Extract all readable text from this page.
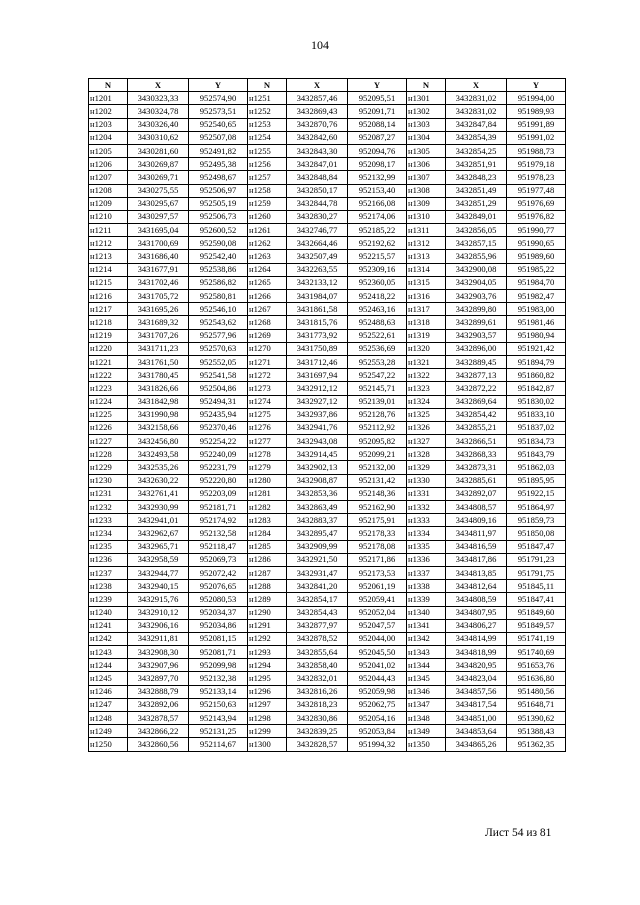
104
N	X	Y	N	X	Y	N	X	Y
н1201	3430323,33	952574,90	н1251	3432857,46	952095,51	н1301	3432831,02	951994,00
н1202	3430324,78	952573,51	н1252	3432869,43	952091,71	н1302	3432831,02	951989,93
н1203	3430326,40	952540,65	н1253	3432870,76	952088,14	н1303	3432847,84	951991,89
н1204	3430310,62	952507,08	н1254	3432842,60	952087,27	н1304	3432854,39	951991,02
н1205	3430281,60	952491,82	н1255	3432843,30	952094,76	н1305	3432854,25	951988,73
н1206	3430269,87	952495,38	н1256	3432847,01	952098,17	н1306	3432851,91	951979,18
н1207	3430269,71	952498,67	н1257	3432848,84	952132,99	н1307	3432848,23	951978,23
н1208	3430275,55	952506,97	н1258	3432850,17	952153,40	н1308	3432851,49	951977,48
н1209	3430295,67	952505,19	н1259	3432844,78	952166,08	н1309	3432851,29	951976,69
н1210	3430297,57	952506,73	н1260	3432830,27	952174,06	н1310	3432849,01	951976,82
н1211	3431695,04	952600,52	н1261	3432746,77	952185,22	н1311	3432856,05	951990,77
н1212	3431700,69	952590,08	н1262	3432664,46	952192,62	н1312	3432857,15	951990,65
н1213	3431686,40	952542,40	н1263	3432507,49	952215,57	н1313	3432855,96	951989,60
н1214	3431677,91	952538,86	н1264	3432263,55	952309,16	н1314	3432900,08	951985,22
н1215	3431702,46	952586,82	н1265	3432133,12	952360,05	н1315	3432904,05	951984,70
н1216	3431705,72	952580,81	н1266	3431984,07	952418,22	н1316	3432903,76	951982,47
н1217	3431695,26	952546,10	н1267	3431861,58	952463,16	н1317	3432899,80	951983,00
н1218	3431689,32	952543,62	н1268	3431815,76	952488,63	н1318	3432899,61	951981,46
н1219	3431707,26	952577,96	н1269	3431773,92	952522,61	н1319	3432903,57	951980,94
н1220	3431711,23	952570,63	н1270	3431750,89	952536,69	н1320	3432896,00	951921,42
н1221	3431761,50	952552,05	н1271	3431712,46	952553,28	н1321	3432889,45	951894,79
н1222	3431780,45	952541,58	н1272	3431697,94	952547,22	н1322	3432877,13	951860,82
н1223	3431826,66	952504,86	н1273	3432912,12	952145,71	н1323	3432872,22	951842,87
н1224	3431842,98	952494,31	н1274	3432927,12	952139,01	н1324	3432869,64	951830,02
н1225	3431990,98	952435,94	н1275	3432937,86	952128,76	н1325	3432854,42	951833,10
н1226	3432158,66	952370,46	н1276	3432941,76	952112,92	н1326	3432855,21	951837,02
н1227	3432456,80	952254,22	н1277	3432943,08	952095,82	н1327	3432866,51	951834,73
н1228	3432493,58	952240,09	н1278	3432914,45	952099,21	н1328	3432868,33	951843,79
н1229	3432535,26	952231,79	н1279	3432902,13	952132,00	н1329	3432873,31	951862,03
н1230	3432630,22	952220,80	н1280	3432908,87	952131,42	н1330	3432885,61	951895,95
н1231	3432761,41	952203,09	н1281	3432853,36	952148,36	н1331	3432892,07	951922,15
н1232	3432930,99	952181,71	н1282	3432863,49	952162,90	н1332	3434808,57	951864,97
н1233	3432941,01	952174,92	н1283	3432883,37	952175,91	н1333	3434809,16	951859,73
н1234	3432962,67	952132,58	н1284	3432895,47	952178,33	н1334	3434811,97	951850,08
н1235	3432965,71	952118,47	н1285	3432909,99	952178,08	н1335	3434816,59	951847,47
н1236	3432958,59	952069,73	н1286	3432921,50	952171,86	н1336	3434817,86	951791,23
н1237	3432944,77	952072,42	н1287	3432931,47	952173,53	н1337	3434813,85	951791,75
н1238	3432940,15	952076,65	н1288	3432841,20	952061,19	н1338	3434812,64	951845,11
н1239	3432915,76	952080,53	н1289	3432854,17	952059,41	н1339	3434808,59	951847,41
н1240	3432910,12	952034,37	н1290	3432854,43	952052,04	н1340	3434807,95	951849,60
н1241	3432906,16	952034,86	н1291	3432877,97	952047,57	н1341	3434806,27	951849,57
н1242	3432911,81	952081,15	н1292	3432878,52	952044,00	н1342	3434814,99	951741,19
н1243	3432908,30	952081,71	н1293	3432855,64	952045,50	н1343	3434818,99	951740,69
н1244	3432907,96	952099,98	н1294	3432858,40	952041,02	н1344	3434820,95	951653,76
н1245	3432897,70	952132,38	н1295	3432832,01	952044,43	н1345	3434823,04	951636,80
н1246	3432888,79	952133,14	н1296	3432816,26	952059,98	н1346	3434857,56	951480,56
н1247	3432892,06	952150,63	н1297	3432818,23	952062,75	н1347	3434817,54	951648,71
н1248	3432878,57	952143,94	н1298	3432830,86	952054,16	н1348	3434851,00	951390,62
н1249	3432866,22	952131,25	н1299	3432839,25	952053,84	н1349	3434853,64	951388,43
н1250	3432860,56	952114,67	н1300	3432828,57	951994,32	н1350	3434865,26	951362,35
Лист 54 из 81
